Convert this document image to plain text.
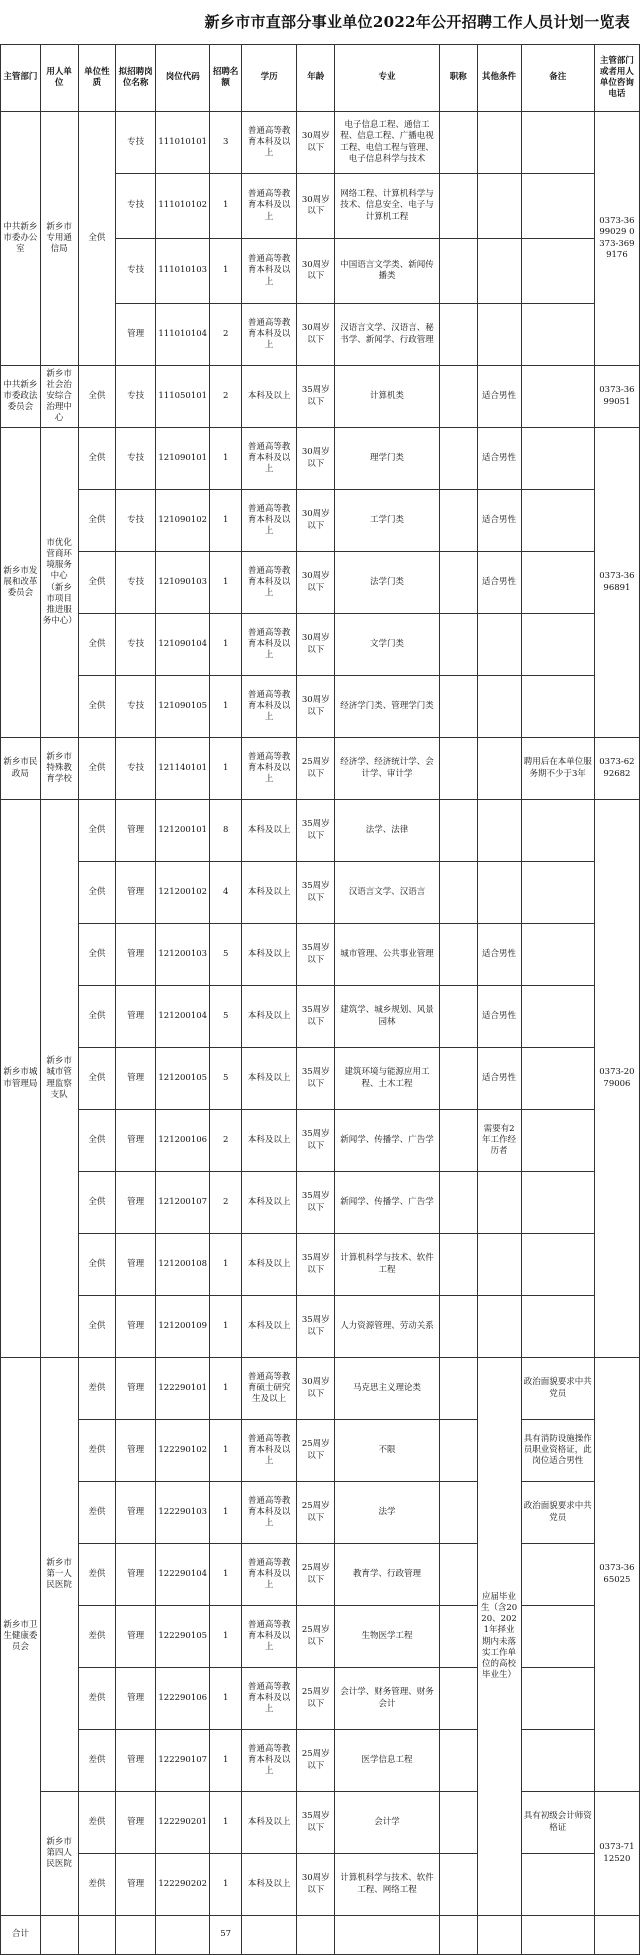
新乡市市直部分事业单位2022年公开招聘工作人员计划一览表
主管部门	用人单位	单位性质	拟招聘岗位名称	岗位代码	招聘名额	学历	年龄	专业	职称	其他条件	备注	主管部门或者用人单位咨询电话
中共新乡市委办公室	新乡市专用通信局	全供	专技	111010101	3	普通高等教育本科及以上	30周岁以下	电子信息工程、通信工程、信息工程、广播电视工程、电信工程与管理、电子信息科学与技术				0373-3699029 0373-3699176
			专技	111010102	1	普通高等教育本科及以上	30周岁以下	网络工程、计算机科学与技术、信息安全、电子与计算机工程				
			专技	111010103	1	普通高等教育本科及以上	30周岁以下	中国语言文学类、新闻传播类				
			管理	111010104	2	普通高等教育本科及以上	30周岁以下	汉语言文学、汉语言、秘书学、新闻学、行政管理				
中共新乡市委政法委员会	新乡市社会治安综合治理中心	全供	专技	111050101	2	本科及以上	35周岁以下	计算机类		适合男性		0373-3699051
新乡市发展和改革委员会	市优化营商环境服务中心（新乡市项目推进服务中心）	全供	专技	121090101	1	普通高等教育本科及以上	30周岁以下	理学门类		适合男性		0373-3696891
		全供	专技	121090102	1	普通高等教育本科及以上	30周岁以下	工学门类		适合男性		
		全供	专技	121090103	1	普通高等教育本科及以上	30周岁以下	法学门类		适合男性		
		全供	专技	121090104	1	普通高等教育本科及以上	30周岁以下	文学门类				
		全供	专技	121090105	1	普通高等教育本科及以上	30周岁以下	经济学门类、管理学门类				
新乡市民政局	新乡市特殊教育学校	全供	专技	121140101	1	普通高等教育本科及以上	25周岁以下	经济学、经济统计学、会计学、审计学			聘用后在本单位服务期不少于3年	0373-6292682
新乡市城市管理局	新乡市城市管理监察支队	全供	管理	121200101	8	本科及以上	35周岁以下	法学、法律				0373-2079006
		全供	管理	121200102	4	本科及以上	35周岁以下	汉语言文学、汉语言				
		全供	管理	121200103	5	本科及以上	35周岁以下	城市管理、公共事业管理		适合男性		
		全供	管理	121200104	5	本科及以上	35周岁以下	建筑学、城乡规划、风景园林		适合男性		
		全供	管理	121200105	5	本科及以上	35周岁以下	建筑环境与能源应用工程、土木工程		适合男性		
		全供	管理	121200106	2	本科及以上	35周岁以下	新闻学、传播学、广告学		需要有2年工作经历者		
		全供	管理	121200107	2	本科及以上	35周岁以下	新闻学、传播学、广告学				
		全供	管理	121200108	1	本科及以上	35周岁以下	计算机科学与技术、软件工程				
		全供	管理	121200109	1	本科及以上	35周岁以下	人力资源管理、劳动关系				
新乡市卫生健康委员会	新乡市第一人民医院	差供	管理	122290101	1	普通高等教育硕士研究生及以上	30周岁以下	马克思主义理论类		应届毕业生（含2020、2021年择业期内未落实工作单位的高校毕业生）	政治面貌要求中共党员	0373-3665025
		差供	管理	122290102	1	普通高等教育本科及以上	25周岁以下	不限			具有消防设施操作员职业资格证，此岗位适合男性	
		差供	管理	122290103	1	普通高等教育本科及以上	25周岁以下	法学			政治面貌要求中共党员	
		差供	管理	122290104	1	普通高等教育本科及以上	25周岁以下	教育学、行政管理				
		差供	管理	122290105	1	普通高等教育本科及以上	25周岁以下	生物医学工程				
		差供	管理	122290106	1	普通高等教育本科及以上	25周岁以下	会计学、财务管理、财务会计				
		差供	管理	122290107	1	普通高等教育本科及以上	25周岁以下	医学信息工程				
	新乡市第四人民医院	差供	管理	122290201	1	本科及以上	35周岁以下	会计学			具有初级会计师资格证	0373-7112520
		差供	管理	122290202	1	本科及以上	30周岁以下	计算机科学与技术、软件工程、网络工程				
合计					57							
